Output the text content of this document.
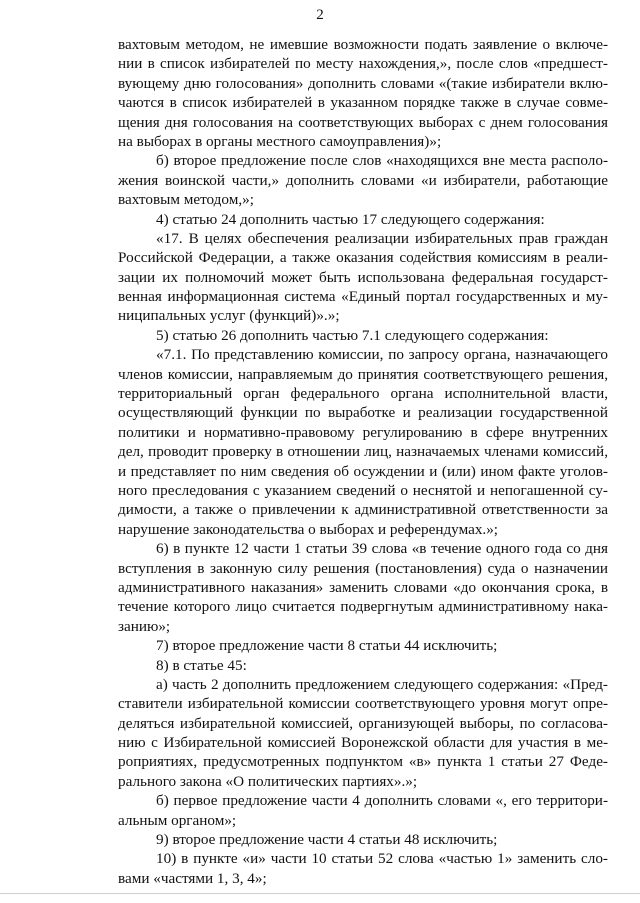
2
вахтовым методом, не имевшие возможности подать заявление о включе-
нии в список избирателей по месту нахождения,», после слов «предшест-
вующему дню голосования» дополнить словами «(такие избиратели вклю-
чаются в список избирателей в указанном порядке также в случае совме-
щения дня голосования на соответствующих выборах с днем голосования
на выборах в органы местного самоуправления)»;
б) второе предложение после слов «находящихся вне места располо-
жения воинской части,» дополнить словами «и избиратели, работающие
вахтовым методом,»;
4) статью 24 дополнить частью 17 следующего содержания:
«17. В целях обеспечения реализации избирательных прав граждан
Российской Федерации, а также оказания содействия комиссиям в реали-
зации их полномочий может быть использована федеральная государст-
венная информационная система «Единый портал государственных и му-
ниципальных услуг (функций)».»;
5) статью 26 дополнить частью 7.1 следующего содержания:
«7.1. По представлению комиссии, по запросу органа, назначающего
членов комиссии, направляемым до принятия соответствующего решения,
территориальный орган федерального органа исполнительной власти,
осуществляющий функции по выработке и реализации государственной
политики и нормативно-правовому регулированию в сфере внутренних
дел, проводит проверку в отношении лиц, назначаемых членами комиссий,
и представляет по ним сведения об осуждении и (или) ином факте уголов-
ного преследования с указанием сведений о неснятой и непогашенной су-
димости, а также о привлечении к административной ответственности за
нарушение законодательства о выборах и референдумах.»;
6) в пункте 12 части 1 статьи 39 слова «в течение одного года со дня
вступления в законную силу решения (постановления) суда о назначении
административного наказания» заменить словами «до окончания срока, в
течение которого лицо считается подвергнутым административному нака-
занию»;
7) второе предложение части 8 статьи 44 исключить;
8) в статье 45:
а) часть 2 дополнить предложением следующего содержания: «Пред-
ставители избирательной комиссии соответствующего уровня могут опре-
деляться избирательной комиссией, организующей выборы, по согласова-
нию с Избирательной комиссией Воронежской области для участия в ме-
роприятиях, предусмотренных подпунктом «в» пункта 1 статьи 27 Феде-
рального закона «О политических партиях».»;
б) первое предложение части 4 дополнить словами «, его территори-
альным органом»;
9) второе предложение части 4 статьи 48 исключить;
10) в пункте «и» части 10 статьи 52 слова «частью 1» заменить сло-
вами «частями 1, 3, 4»;
